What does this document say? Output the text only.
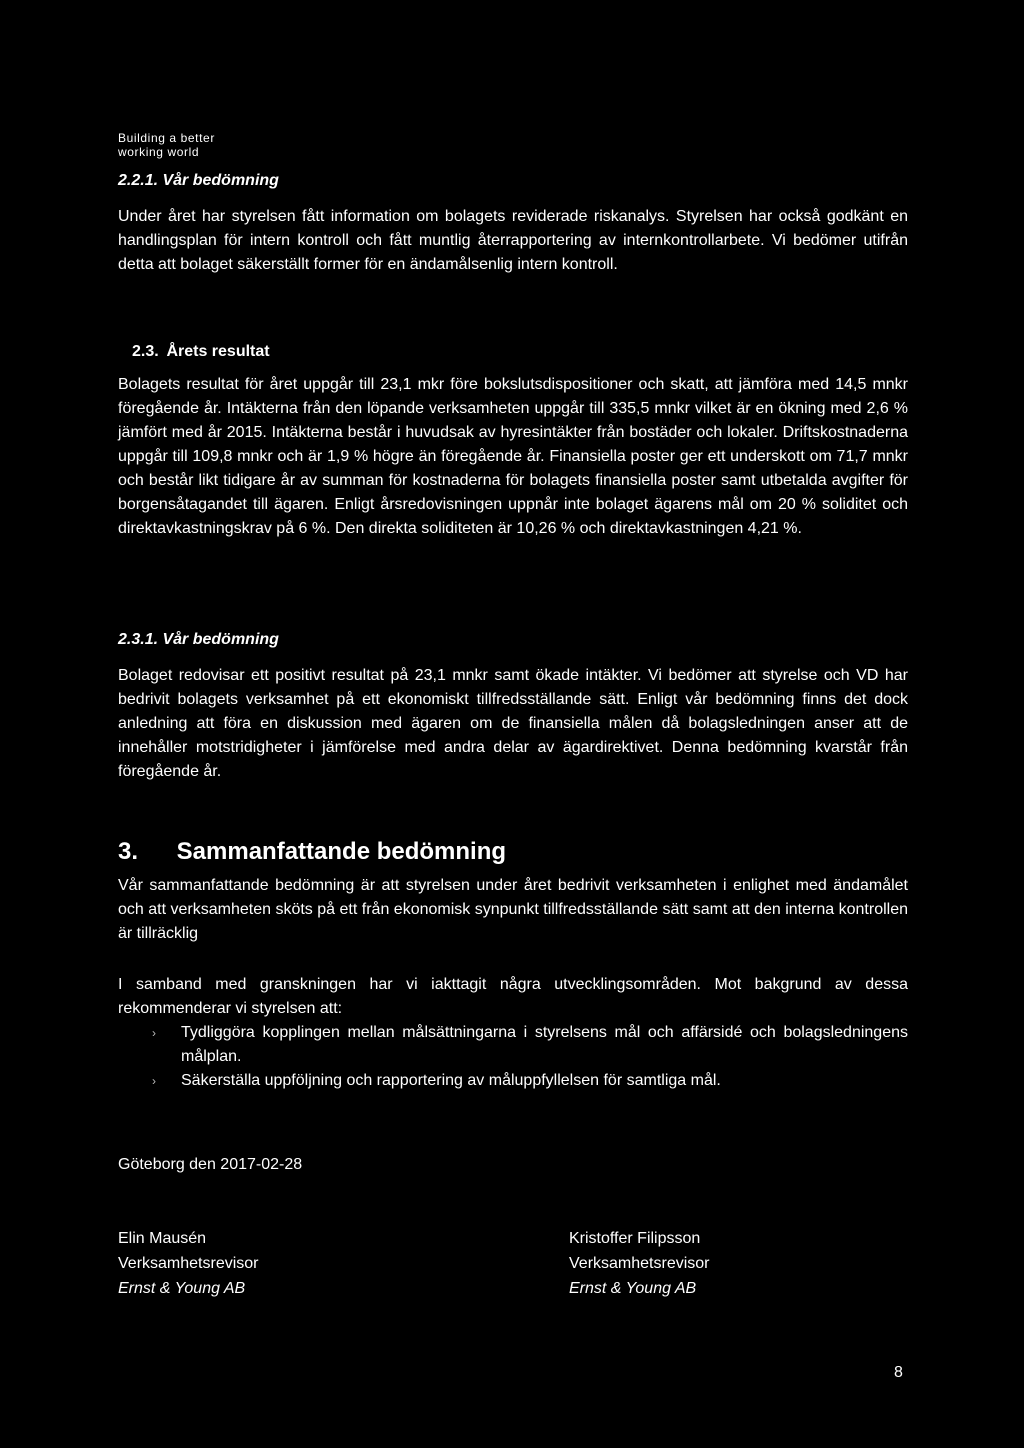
Building a better
working world
2.2.1. Vår bedömning

Under året har styrelsen fått information om bolagets reviderade riskanalys. Styrelsen har också godkänt en handlingsplan för intern kontroll och fått muntlig återrapportering av internkontrollarbete. Vi bedömer utifrån detta att bolaget säkerställt former för en ändamålsenlig intern kontroll.

2.3. Årets resultat

Bolagets resultat för året uppgår till 23,1 mkr före bokslutsdispositioner och skatt, att jämföra med 14,5 mnkr föregående år. Intäkterna från den löpande verksamheten uppgår till 335,5 mnkr vilket är en ökning med 2,6 % jämfört med år 2015. Intäkterna består i huvudsak av hyresintäkter från bostäder och lokaler. Driftskostnaderna uppgår till 109,8 mnkr och är 1,9 % högre än föregående år. Finansiella poster ger ett underskott om 71,7 mnkr och består likt tidigare år av summan för kostnaderna för bolagets finansiella poster samt utbetalda avgifter för borgensåtagandet till ägaren. Enligt årsredovisningen uppnår inte bolaget ägarens mål om 20 % soliditet och direktavkastningskrav på 6 %. Den direkta soliditeten är 10,26 % och direktavkastningen 4,21 %.

2.3.1. Vår bedömning

Bolaget redovisar ett positivt resultat på 23,1 mnkr samt ökade intäkter. Vi bedömer att styrelse och VD har bedrivit bolagets verksamhet på ett ekonomiskt tillfredsställande sätt. Enligt vår bedömning finns det dock anledning att föra en diskussion med ägaren om de finansiella målen då bolagsledningen anser att de innehåller motstridigheter i jämförelse med andra delar av ägardirektivet. Denna bedömning kvarstår från föregående år.

3. Sammanfattande bedömning

Vår sammanfattande bedömning är att styrelsen under året bedrivit verksamheten i enlighet med ändamålet och att verksamheten sköts på ett från ekonomisk synpunkt tillfredsställande sätt samt att den interna kontrollen är tillräcklig

I samband med granskningen har vi iakttagit några utvecklingsområden. Mot bakgrund av dessa rekommenderar vi styrelsen att:

› Tydliggöra kopplingen mellan målsättningarna i styrelsens mål och affärsidé och bolagsledningens målplan.
› Säkerställa uppföljning och rapportering av måluppfyllelsen för samtliga mål.

Göteborg den 2017-02-28

Elin Mausén
Verksamhetsrevisor
Ernst & Young AB
Kristoffer Filipsson
Verksamhetsrevisor
Ernst & Young AB
8
